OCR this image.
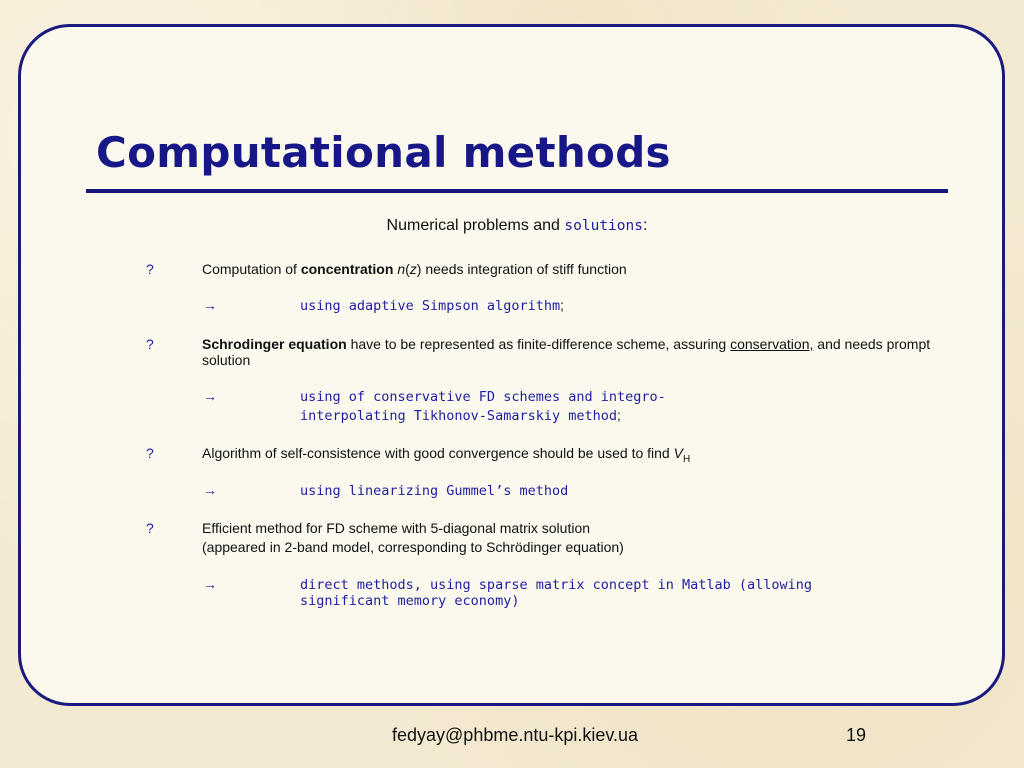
Computational methods
Numerical problems and solutions:
?	Computation of concentration n(z) needs integration of stiff function
→	using adaptive Simpson algorithm;
?	Schrodinger equation have to be represented as finite-difference scheme, assuring conservation, and needs prompt solution
→	using of conservative FD schemes and integro-
interpolating Tikhonov-Samarskiy method;
?	Algorithm of self-consistence with good convergence should be used to find $V_H$
→	using linearizing Gummel’s method
?	Efficient method for FD scheme with 5-diagonal matrix solution
(appeared in 2-band model, corresponding to Schrödinger equation)
→	direct methods, using sparse matrix concept in Matlab (allowing significant memory economy)
fedyay@phbme.ntu-kpi.kiev.ua	19
